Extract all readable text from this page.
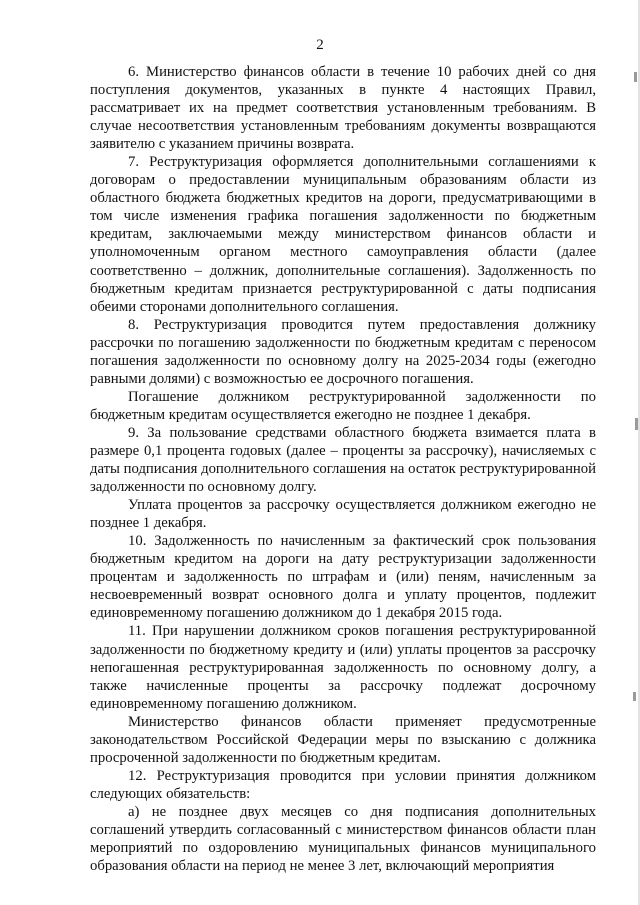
2

6. Министерство финансов области в течение 10 рабочих дней со дня поступления документов, указанных в пункте 4 настоящих Правил, рассматривает их на предмет соответствия установленным требованиям. В случае несоответствия установленным требованиям документы возвращаются заявителю с указанием причины возврата.

7. Реструктуризация оформляется дополнительными соглашениями к договорам о предоставлении муниципальным образованиям области из областного бюджета бюджетных кредитов на дороги, предусматривающими в том числе изменения графика погашения задолженности по бюджетным кредитам, заключаемыми между министерством финансов области и уполномоченным органом местного самоуправления области (далее соответственно – должник, дополнительные соглашения). Задолженность по бюджетным кредитам признается реструктурированной с даты подписания обеими сторонами дополнительного соглашения.

8. Реструктуризация проводится путем предоставления должнику рассрочки по погашению задолженности по бюджетным кредитам с переносом погашения задолженности по основному долгу на 2025-2034 годы (ежегодно равными долями) с возможностью ее досрочного погашения.

Погашение должником реструктурированной задолженности по бюджетным кредитам осуществляется ежегодно не позднее 1 декабря.

9. За пользование средствами областного бюджета взимается плата в размере 0,1 процента годовых (далее – проценты за рассрочку), начисляемых с даты подписания дополнительного соглашения на остаток реструктурированной задолженности по основному долгу.

Уплата процентов за рассрочку осуществляется должником ежегодно не позднее 1 декабря.

10. Задолженность по начисленным за фактический срок пользования бюджетным кредитом на дороги на дату реструктуризации задолженности процентам и задолженность по штрафам и (или) пеням, начисленным за несвоевременный возврат основного долга и уплату процентов, подлежит единовременному погашению должником до 1 декабря 2015 года.

11. При нарушении должником сроков погашения реструктурированной задолженности по бюджетному кредиту и (или) уплаты процентов за рассрочку непогашенная реструктурированная задолженность по основному долгу, а также начисленные проценты за рассрочку подлежат досрочному единовременному погашению должником.

Министерство финансов области применяет предусмотренные законодательством Российской Федерации меры по взысканию с должника просроченной задолженности по бюджетным кредитам.

12. Реструктуризация проводится при условии принятия должником следующих обязательств:

а) не позднее двух месяцев со дня подписания дополнительных соглашений утвердить согласованный с министерством финансов области план мероприятий по оздоровлению муниципальных финансов муниципального образования области на период не менее 3 лет, включающий мероприятия
